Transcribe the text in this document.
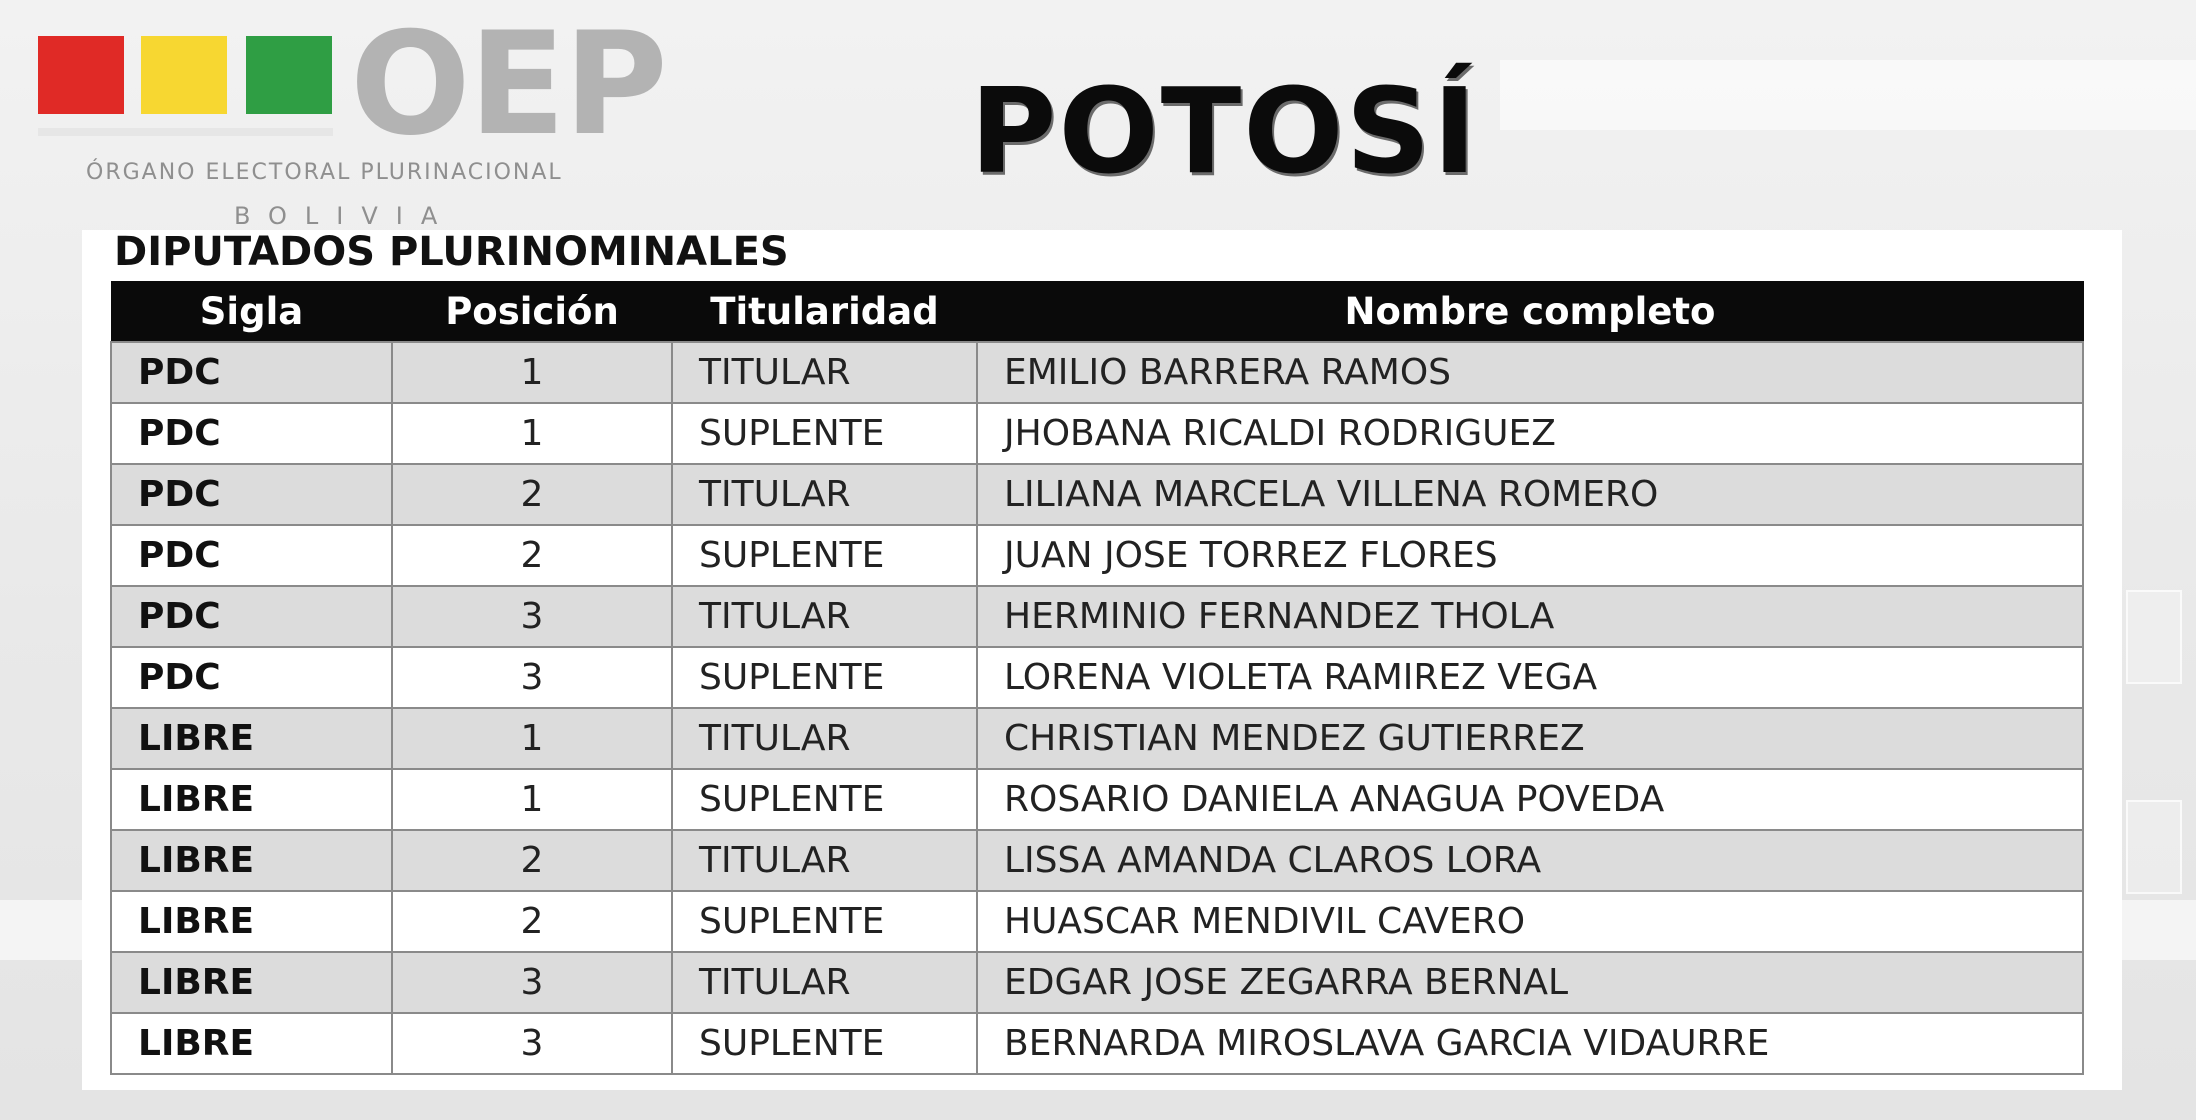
OEP
ÓRGANO ELECTORAL PLURINACIONAL
BOLIVIA
POTOSÍ
DIPUTADOS PLURINOMINALES
Sigla	Posición	Titularidad	Nombre completo
PDC	1	TITULAR	EMILIO BARRERA RAMOS
PDC	1	SUPLENTE	JHOBANA RICALDI RODRIGUEZ
PDC	2	TITULAR	LILIANA MARCELA VILLENA ROMERO
PDC	2	SUPLENTE	JUAN JOSE TORREZ FLORES
PDC	3	TITULAR	HERMINIO FERNANDEZ THOLA
PDC	3	SUPLENTE	LORENA VIOLETA RAMIREZ VEGA
LIBRE	1	TITULAR	CHRISTIAN MENDEZ GUTIERREZ
LIBRE	1	SUPLENTE	ROSARIO DANIELA ANAGUA POVEDA
LIBRE	2	TITULAR	LISSA AMANDA CLAROS LORA
LIBRE	2	SUPLENTE	HUASCAR MENDIVIL CAVERO
LIBRE	3	TITULAR	EDGAR JOSE ZEGARRA BERNAL
LIBRE	3	SUPLENTE	BERNARDA MIROSLAVA GARCIA VIDAURRE
